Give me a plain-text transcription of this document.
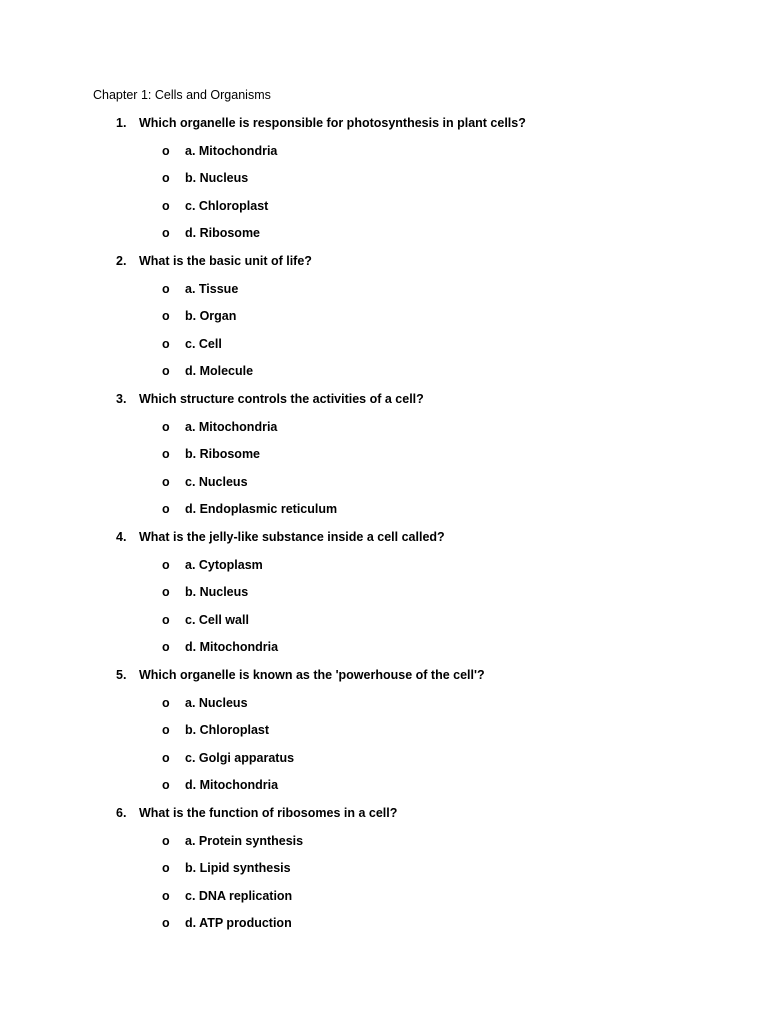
Chapter 1: Cells and Organisms
1. Which organelle is responsible for photosynthesis in plant cells?
o a. Mitochondria
o b. Nucleus
o c. Chloroplast
o d. Ribosome
2. What is the basic unit of life?
o a. Tissue
o b. Organ
o c. Cell
o d. Molecule
3. Which structure controls the activities of a cell?
o a. Mitochondria
o b. Ribosome
o c. Nucleus
o d. Endoplasmic reticulum
4. What is the jelly-like substance inside a cell called?
o a. Cytoplasm
o b. Nucleus
o c. Cell wall
o d. Mitochondria
5. Which organelle is known as the 'powerhouse of the cell'?
o a. Nucleus
o b. Chloroplast
o c. Golgi apparatus
o d. Mitochondria
6. What is the function of ribosomes in a cell?
o a. Protein synthesis
o b. Lipid synthesis
o c. DNA replication
o d. ATP production
